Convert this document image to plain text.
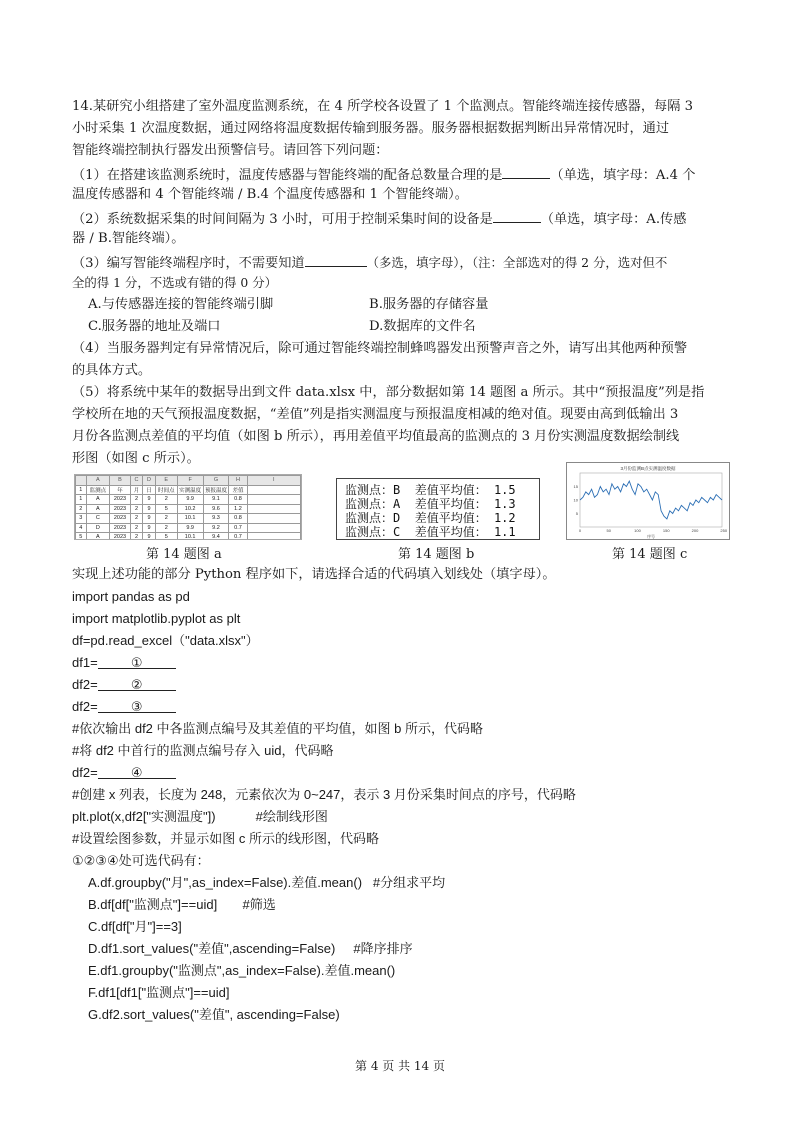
14.某研究小组搭建了室外温度监测系统，在 4 所学校各设置了 1 个监测点。智能终端连接传感器，每隔 3
小时采集 1 次温度数据，通过网络将温度数据传输到服务器。服务器根据数据判断出异常情况时，通过
智能终端控制执行器发出预警信号。请回答下列问题：
（1）在搭建该监测系统时，温度传感器与智能终端的配备总数量合理的是	（单选，填字母：A.4 个
温度传感器和 4 个智能终端 / B.4 个温度传感器和 1 个智能终端）。
（2）系统数据采集的时间间隔为 3 小时，可用于控制采集时间的设备是	（单选，填字母：A.传感
器 / B.智能终端）。
（3）编写智能终端程序时，不需要知道	（多选，填字母），（注：全部选对的得 2 分，选对但不
全的得 1 分，不选或有错的得 0 分）
A.与传感器连接的智能终端引脚	B.服务器的存储容量
C.服务器的地址及端口	D.数据库的文件名
（4）当服务器判定有异常情况后，除可通过智能终端控制蜂鸣器发出预警声音之外，请写出其他两种预警
的具体方式。
（5）将系统中某年的数据导出到文件 data.xlsx 中，部分数据如第 14 题图 a 所示。其中“预报温度”列是指
学校所在地的天气预报温度数据，“差值”列是指实测温度与预报温度相减的绝对值。现要由高到低输出 3
月份各监测点差值的平均值（如图 b 所示），再用差值平均值最高的监测点的 3 月份实测温度数据绘制线
形图（如图 c 所示）。
	A	B	C	D	E	F	G	H	I
1	监测点	年	月	日	时间点	实测温度	预报温度	差值	
1	A	2023	2	9	2	9.9	9.1	0.8	
2	A	2023	2	9	5	10.2	9.6	1.2	
3	C	2023	2	9	2	10.1	9.3	0.8	
4	D	2023	2	9	2	9.9	9.2	0.7	
5	A	2023	2	9	5	10.1	9.4	0.7	
第 14 题图 a
监测点：B 差值平均值： 1.5
监测点：A 差值平均值： 1.3
监测点：D 差值平均值： 1.2
监测点：C 差值平均值： 1.1
第 14 题图 b
3月份监测B点实测温度数据
15
10
5
0	50	100	150	200	250
序号
第 14 题图 c
实现上述功能的部分 Python 程序如下，请选择合适的代码填入划线处（填字母）。
import pandas as pd
import matplotlib.pyplot as plt
df=pd.read_excel（"data.xlsx"）
df1=	①
df2=	②
df2=	③
#依次输出 df2 中各监测点编号及其差值的平均值，如图 b 所示，代码略
#将 df2 中首行的监测点编号存入 uid，代码略
df2=	④
#创建 x 列表，长度为 248，元素依次为 0~247，表示 3 月份采集时间点的序号，代码略
plt.plot(x,df2["实测温度"])	#绘制线形图
#设置绘图参数，并显示如图 c 所示的线形图，代码略
①②③④处可选代码有：
A.df.groupby("月",as_index=False).差值.mean()   #分组求平均
B.df[df["监测点"]==uid]       #筛选
C.df[df["月"]==3]
D.df1.sort_values("差值",ascending=False)     #降序排序
E.df1.groupby("监测点",as_index=False).差值.mean()
F.df1[df1["监测点"]==uid]
G.df2.sort_values("差值", ascending=False)
第 4 页 共 14 页
